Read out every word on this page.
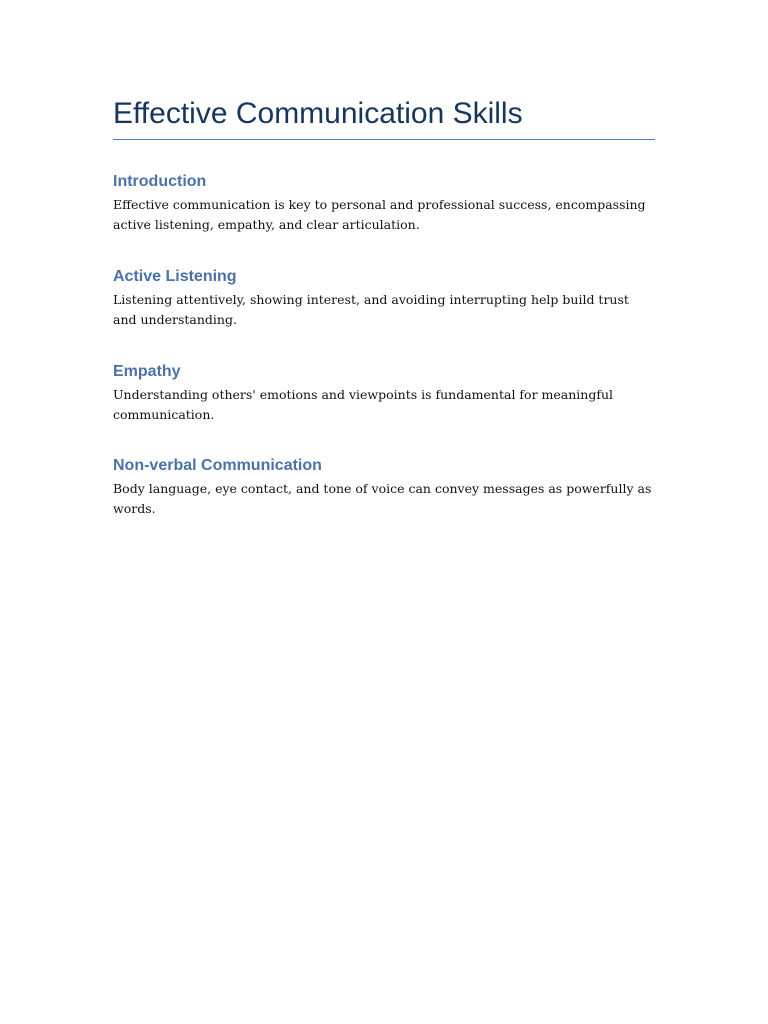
Effective Communication Skills
Introduction

Effective communication is key to personal and professional success, encompassing active listening, empathy, and clear articulation.

Active Listening

Listening attentively, showing interest, and avoiding interrupting help build trust and understanding.

Empathy

Understanding others' emotions and viewpoints is fundamental for meaningful communication.

Non-verbal Communication

Body language, eye contact, and tone of voice can convey messages as powerfully as words.
